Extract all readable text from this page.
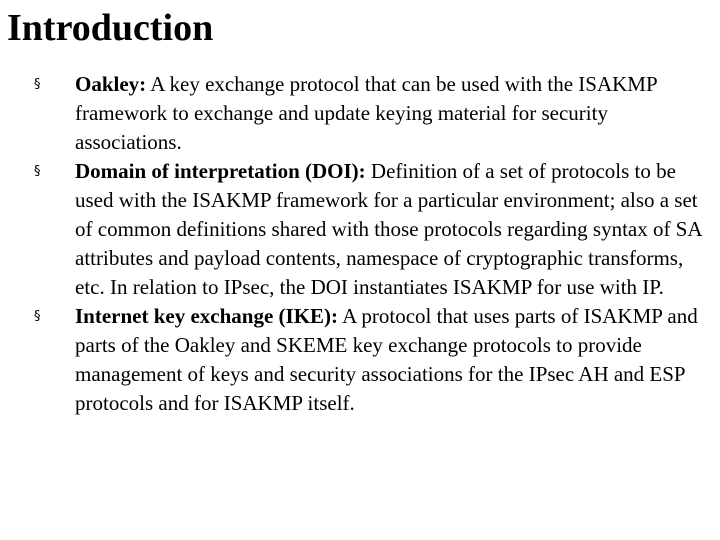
Introduction
§ Oakley: A key exchange protocol that can be used with the ISAKMP framework to exchange and update keying material for security associations.
§ Domain of interpretation (DOI): Definition of a set of protocols to be used with the ISAKMP framework for a particular environment; also a set of common definitions shared with those protocols regarding syntax of SA attributes and payload contents, namespace of cryptographic transforms, etc. In relation to IPsec, the DOI instantiates ISAKMP for use with IP.
§ Internet key exchange (IKE): A protocol that uses parts of ISAKMP and parts of the Oakley and SKEME key exchange protocols to provide management of keys and security associations for the IPsec AH and ESP protocols and for ISAKMP itself.
